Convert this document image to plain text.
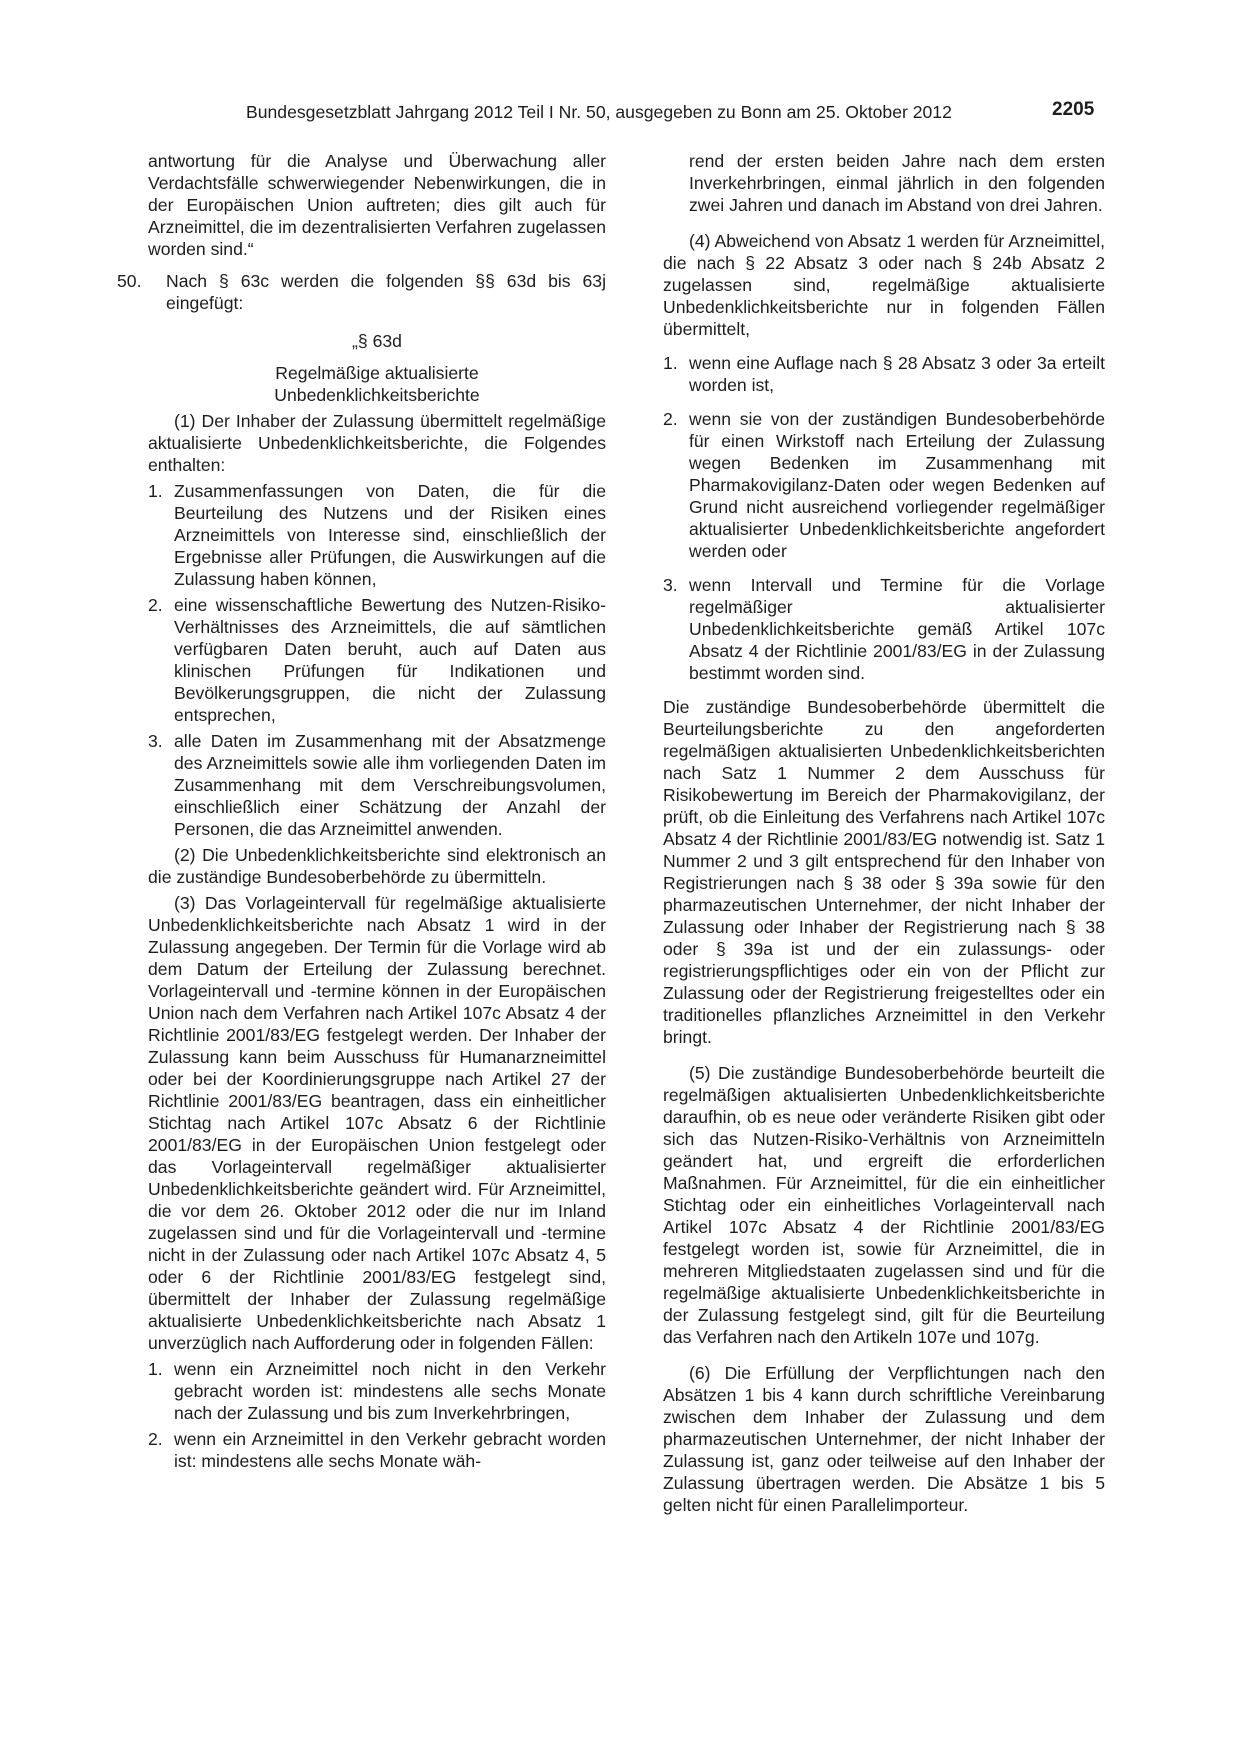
Bundesgesetzblatt Jahrgang 2012 Teil I Nr. 50, ausgegeben zu Bonn am 25. Oktober 2012	2205

antwortung für die Analyse und Überwachung aller Verdachtsfälle schwerwiegender Nebenwirkungen, die in der Europäischen Union auftreten; dies gilt auch für Arzneimittel, die im dezentralisierten Verfahren zugelassen worden sind.“

50. Nach § 63c werden die folgenden §§ 63d bis 63j eingefügt:

„§ 63d

Regelmäßige aktualisierte

Unbedenklichkeitsberichte

(1) Der Inhaber der Zulassung übermittelt regelmäßige aktualisierte Unbedenklichkeitsberichte, die Folgendes enthalten:

1. Zusammenfassungen von Daten, die für die Beurteilung des Nutzens und der Risiken eines Arzneimittels von Interesse sind, einschließlich der Ergebnisse aller Prüfungen, die Auswirkungen auf die Zulassung haben können,
2. eine wissenschaftliche Bewertung des Nutzen-Risiko-Verhältnisses des Arzneimittels, die auf sämtlichen verfügbaren Daten beruht, auch auf Daten aus klinischen Prüfungen für Indikationen und Bevölkerungsgruppen, die nicht der Zulassung entsprechen,
3. alle Daten im Zusammenhang mit der Absatzmenge des Arzneimittels sowie alle ihm vorliegenden Daten im Zusammenhang mit dem Verschreibungsvolumen, einschließlich einer Schätzung der Anzahl der Personen, die das Arzneimittel anwenden.

(2) Die Unbedenklichkeitsberichte sind elektronisch an die zuständige Bundesoberbehörde zu übermitteln.

(3) Das Vorlageintervall für regelmäßige aktualisierte Unbedenklichkeitsberichte nach Absatz 1 wird in der Zulassung angegeben. Der Termin für die Vorlage wird ab dem Datum der Erteilung der Zulassung berechnet. Vorlageintervall und -termine können in der Europäischen Union nach dem Verfahren nach Artikel 107c Absatz 4 der Richtlinie 2001/83/EG festgelegt werden. Der Inhaber der Zulassung kann beim Ausschuss für Humanarzneimittel oder bei der Koordinierungsgruppe nach Artikel 27 der Richtlinie 2001/83/EG beantragen, dass ein einheitlicher Stichtag nach Artikel 107c Absatz 6 der Richtlinie 2001/83/EG in der Europäischen Union festgelegt oder das Vorlageintervall regelmäßiger aktualisierter Unbedenklichkeitsberichte geändert wird. Für Arzneimittel, die vor dem 26. Oktober 2012 oder die nur im Inland zugelassen sind und für die Vorlageintervall und -termine nicht in der Zulassung oder nach Artikel 107c Absatz 4, 5 oder 6 der Richtlinie 2001/83/EG festgelegt sind, übermittelt der Inhaber der Zulassung regelmäßige aktualisierte Unbedenklichkeitsberichte nach Absatz 1 unverzüglich nach Aufforderung oder in folgenden Fällen:

1. wenn ein Arzneimittel noch nicht in den Verkehr gebracht worden ist: mindestens alle sechs Monate nach der Zulassung und bis zum Inverkehrbringen,
2. wenn ein Arzneimittel in den Verkehr gebracht worden ist: mindestens alle sechs Monate wäh-

rend der ersten beiden Jahre nach dem ersten Inverkehrbringen, einmal jährlich in den folgenden zwei Jahren und danach im Abstand von drei Jahren.

(4) Abweichend von Absatz 1 werden für Arzneimittel, die nach § 22 Absatz 3 oder nach § 24b Absatz 2 zugelassen sind, regelmäßige aktualisierte Unbedenklichkeitsberichte nur in folgenden Fällen übermittelt,

1. wenn eine Auflage nach § 28 Absatz 3 oder 3a erteilt worden ist,
2. wenn sie von der zuständigen Bundesoberbehörde für einen Wirkstoff nach Erteilung der Zulassung wegen Bedenken im Zusammenhang mit Pharmakovigilanz-Daten oder wegen Bedenken auf Grund nicht ausreichend vorliegender regelmäßiger aktualisierter Unbedenklichkeitsberichte angefordert werden oder
3. wenn Intervall und Termine für die Vorlage regelmäßiger aktualisierter Unbedenklichkeitsberichte gemäß Artikel 107c Absatz 4 der Richtlinie 2001/83/EG in der Zulassung bestimmt worden sind.

Die zuständige Bundesoberbehörde übermittelt die Beurteilungsberichte zu den angeforderten regelmäßigen aktualisierten Unbedenklichkeitsberichten nach Satz 1 Nummer 2 dem Ausschuss für Risikobewertung im Bereich der Pharmakovigilanz, der prüft, ob die Einleitung des Verfahrens nach Artikel 107c Absatz 4 der Richtlinie 2001/83/EG notwendig ist. Satz 1 Nummer 2 und 3 gilt entsprechend für den Inhaber von Registrierungen nach § 38 oder § 39a sowie für den pharmazeutischen Unternehmer, der nicht Inhaber der Zulassung oder Inhaber der Registrierung nach § 38 oder § 39a ist und der ein zulassungs- oder registrierungspflichtiges oder ein von der Pflicht zur Zulassung oder der Registrierung freigestelltes oder ein traditionelles pflanzliches Arzneimittel in den Verkehr bringt.

(5) Die zuständige Bundesoberbehörde beurteilt die regelmäßigen aktualisierten Unbedenklichkeitsberichte daraufhin, ob es neue oder veränderte Risiken gibt oder sich das Nutzen-Risiko-Verhältnis von Arzneimitteln geändert hat, und ergreift die erforderlichen Maßnahmen. Für Arzneimittel, für die ein einheitlicher Stichtag oder ein einheitliches Vorlageintervall nach Artikel 107c Absatz 4 der Richtlinie 2001/83/EG festgelegt worden ist, sowie für Arzneimittel, die in mehreren Mitgliedstaaten zugelassen sind und für die regelmäßige aktualisierte Unbedenklichkeitsberichte in der Zulassung festgelegt sind, gilt für die Beurteilung das Verfahren nach den Artikeln 107e und 107g.

(6) Die Erfüllung der Verpflichtungen nach den Absätzen 1 bis 4 kann durch schriftliche Vereinbarung zwischen dem Inhaber der Zulassung und dem pharmazeutischen Unternehmer, der nicht Inhaber der Zulassung ist, ganz oder teilweise auf den Inhaber der Zulassung übertragen werden. Die Absätze 1 bis 5 gelten nicht für einen Parallelimporteur.
